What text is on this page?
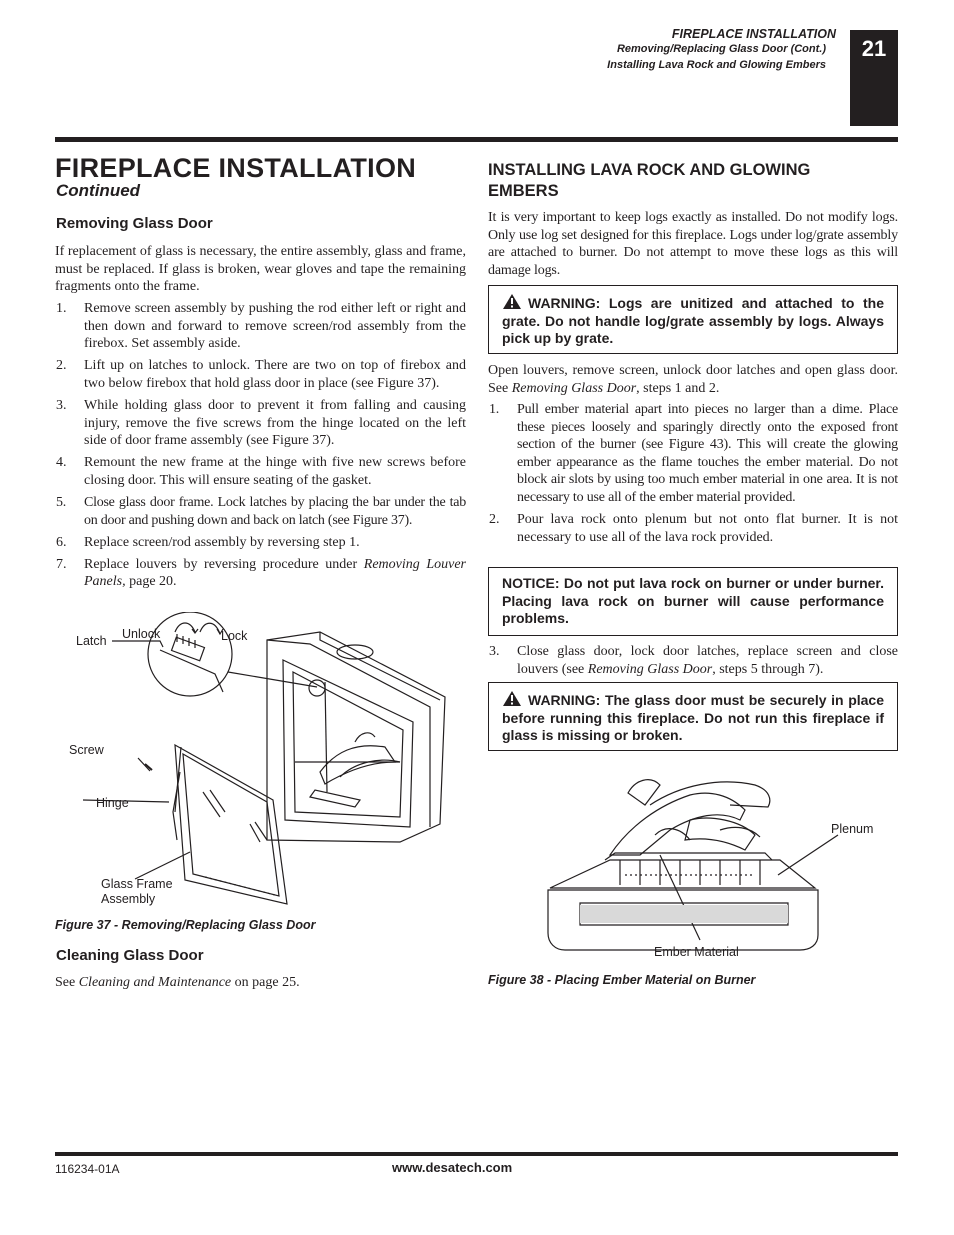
FIREPLACE INSTALLATION
Removing/Replacing Glass Door (Cont.)
Installing Lava Rock and Glowing Embers
21
FIREPLACE INSTALLATION
Continued
Removing Glass Door
If replacement of glass is necessary, the entire assembly, glass and frame, must be replaced. If glass is broken, wear gloves and tape the remaining fragments onto the frame.
1. Remove screen assembly by pushing the rod either left or right and then down and forward to remove screen/rod assembly from the firebox. Set assembly aside.
2. Lift up on latches to unlock. There are two on top of firebox and two below firebox that hold glass door in place (see Figure 37).
3. While holding glass door to prevent it from falling and causing injury, remove the five screws from the hinge located on the left side of door frame assembly (see Figure 37).
4. Remount the new frame at the hinge with five new screws before closing door. This will ensure seating of the gasket.
5. Close glass door frame. Lock latches by placing the bar under the tab on door and pushing down and back on latch (see Figure 37).
6. Replace screen/rod assembly by reversing step 1.
7. Replace louvers by reversing procedure under Removing Louver Panels, page 20.
Latch Unlock	Lock
Screw
Hinge
Glass Frame
Assembly
Figure 37 - Removing/Replacing Glass Door
Cleaning Glass Door
See Cleaning and Maintenance on page 25.
INSTALLING LAVA ROCK AND GLOWING
EMBERS
It is very important to keep logs exactly as installed. Do not modify logs. Only use log set designed for this fireplace. Logs under log/grate assembly are attached to burner. Do not attempt to move these logs as this will damage logs.

WARNING: Logs are unitized and attached to the grate. Do not handle log/grate assembly by logs. Always pick up by grate.

Open louvers, remove screen, unlock door latches and open glass door. See Removing Glass Door, steps 1 and 2.
1. Pull ember material apart into pieces no larger than a dime. Place these pieces loosely and sparingly directly onto the exposed front section of the burner (see Figure 43). This will create the glowing ember appearance as the flame touches the ember material. Do not block air slots by using too much ember material in one area. It is not necessary to use all of the ember material provided.
2. Pour lava rock onto plenum but not onto flat burner. It is not necessary to use all of the lava rock provided.

NOTICE: Do not put lava rock on burner or under burner. Placing lava rock on burner will cause performance problems.

3. Close glass door, lock door latches, replace screen and close louvers (see Removing Glass Door, steps 5 through 7).

WARNING: The glass door must be securely in place before running this fireplace. Do not run this fireplace if glass is missing or broken.

Plenum
Ember Material
Figure 38 - Placing Ember Material on Burner
116234-01A	www.desatech.com
